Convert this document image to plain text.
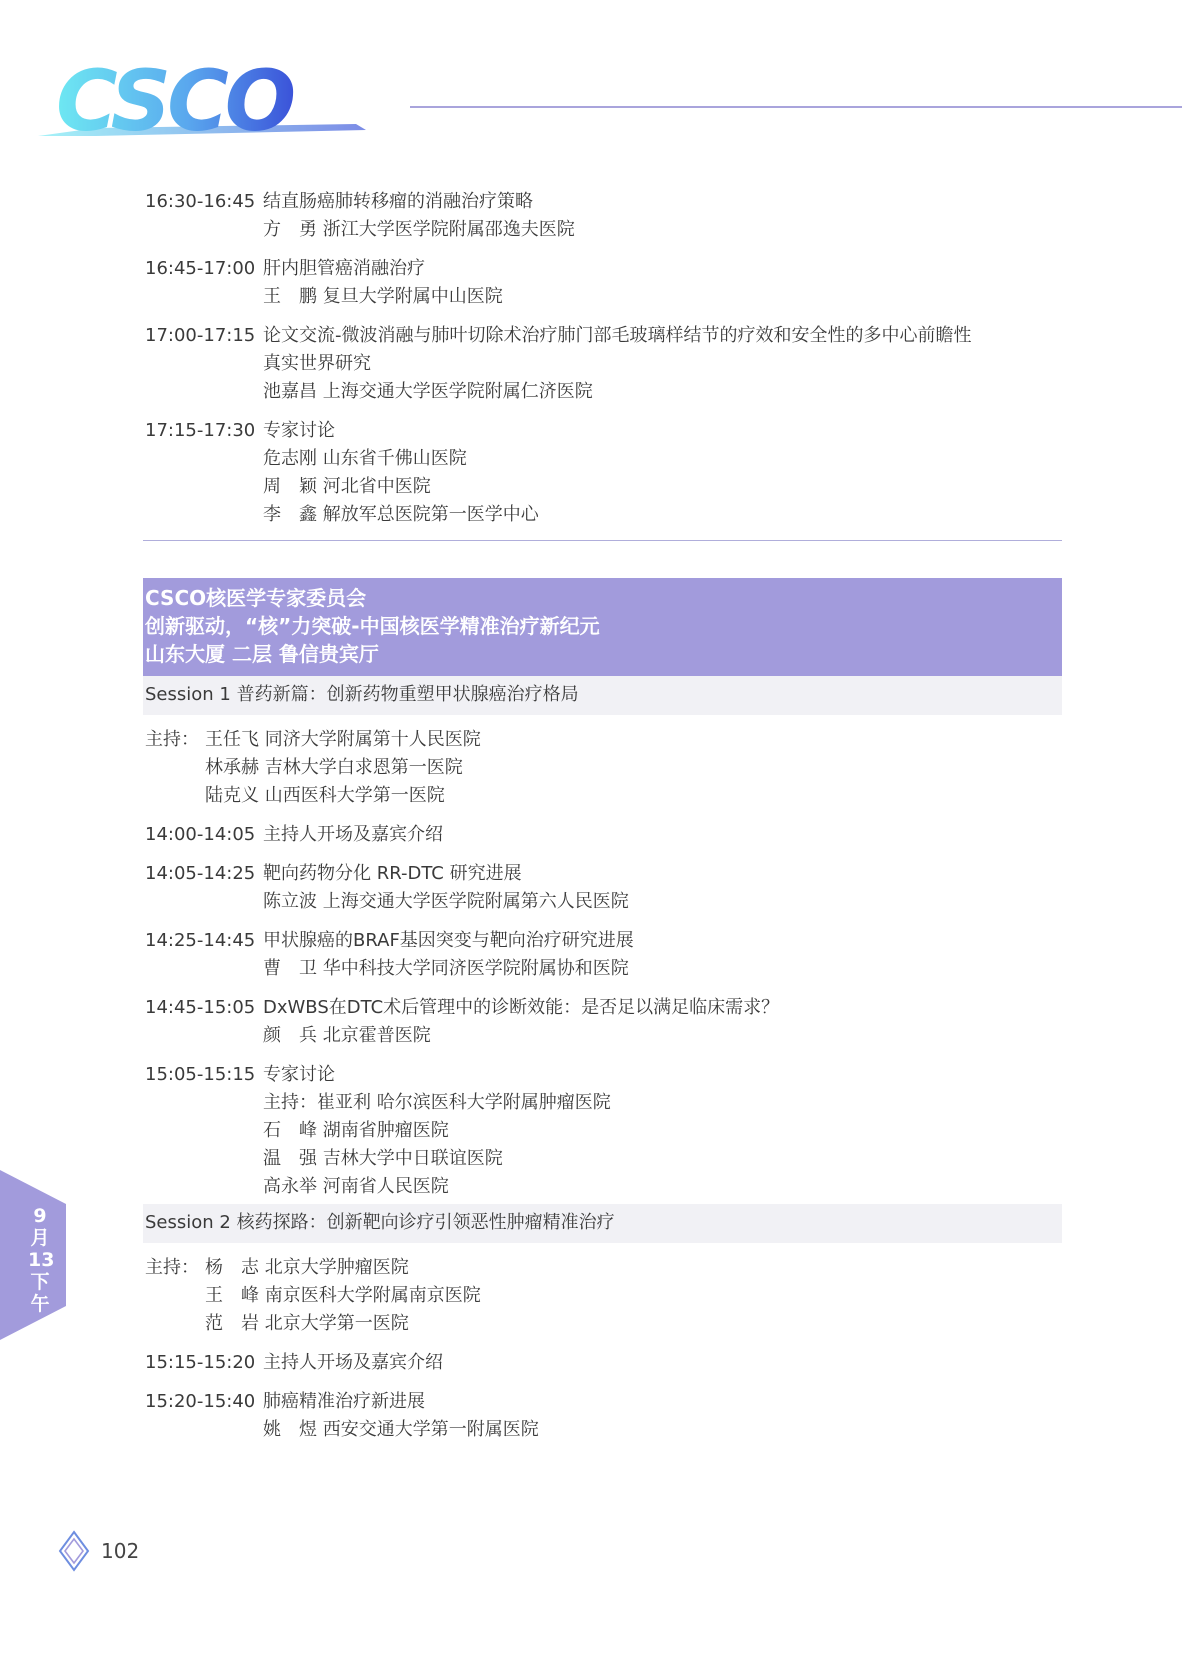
CSCO
16:30-16:45 结直肠癌肺转移瘤的消融治疗策略
方　勇 浙江大学医学院附属邵逸夫医院
16:45-17:00 肝内胆管癌消融治疗
王　鹏 复旦大学附属中山医院
17:00-17:15 论文交流-微波消融与肺叶切除术治疗肺门部毛玻璃样结节的疗效和安全性的多中心前瞻性
真实世界研究
池嘉昌 上海交通大学医学院附属仁济医院
17:15-17:30 专家讨论
危志刚 山东省千佛山医院
周　颖 河北省中医院
李　鑫 解放军总医院第一医学中心
CSCO核医学专家委员会
创新驱动，“核”力突破-中国核医学精准治疗新纪元
山东大厦 二层 鲁信贵宾厅
Session 1 普药新篇：创新药物重塑甲状腺癌治疗格局
主持： 王任飞 同济大学附属第十人民医院
林承赫 吉林大学白求恩第一医院
陆克义 山西医科大学第一医院
14:00-14:05 主持人开场及嘉宾介绍
14:05-14:25 靶向药物分化 RR-DTC 研究进展
陈立波 上海交通大学医学院附属第六人民医院
14:25-14:45 甲状腺癌的BRAF基因突变与靶向治疗研究进展
曹　卫 华中科技大学同济医学院附属协和医院
14:45-15:05 DxWBS在DTC术后管理中的诊断效能：是否足以满足临床需求？
颜　兵 北京霍普医院
15:05-15:15 专家讨论
主持：崔亚利 哈尔滨医科大学附属肿瘤医院
石　峰 湖南省肿瘤医院
温　强 吉林大学中日联谊医院
高永举 河南省人民医院
Session 2 核药探路：创新靶向诊疗引领恶性肿瘤精准治疗
主持： 杨　志 北京大学肿瘤医院
王　峰 南京医科大学附属南京医院
范　岩 北京大学第一医院
15:15-15:20 主持人开场及嘉宾介绍
15:20-15:40 肺癌精准治疗新进展
姚　煜 西安交通大学第一附属医院
9
月
13
下
午
102
